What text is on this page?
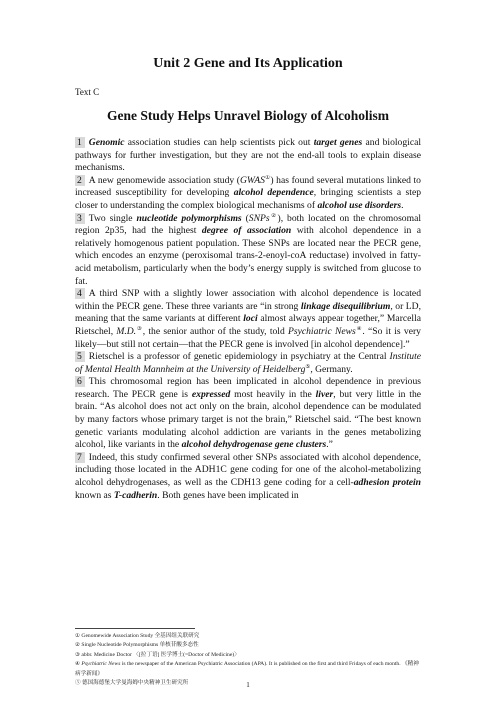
Unit 2 Gene and Its Application
Text C
Gene Study Helps Unravel Biology of Alcoholism

1 Genomic association studies can help scientists pick out target genes and biological pathways for further investigation, but they are not the end-all tools to explain disease mechanisms.

2 A new genomewide association study (GWAS①) has found several mutations linked to increased susceptibility for developing alcohol dependence, bringing scientists a step closer to understanding the complex biological mechanisms of alcohol use disorders.

3 Two single nucleotide polymorphisms (SNPs②), both located on the chromosomal region 2p35, had the highest degree of association with alcohol dependence in a relatively homogenous patient population. These SNPs are located near the PECR gene, which encodes an enzyme (peroxisomal trans-2-enoyl-coA reductase) involved in fatty-acid metabolism, particularly when the body’s energy supply is switched from glucose to fat.

4 A third SNP with a slightly lower association with alcohol dependence is located within the PECR gene. These three variants are “in strong linkage disequilibrium, or LD, meaning that the same variants at different loci almost always appear together,” Marcella Rietschel, M.D.③, the senior author of the study, told Psychiatric News④. “So it is very likely—but still not certain—that the PECR gene is involved [in alcohol dependence].”

5 Rietschel is a professor of genetic epidemiology in psychiatry at the Central Institute of Mental Health Mannheim at the University of Heidelberg⑤, Germany.

6 This chromosomal region has been implicated in alcohol dependence in previous research. The PECR gene is expressed most heavily in the liver, but very little in the brain. “As alcohol does not act only on the brain, alcohol dependence can be modulated by many factors whose primary target is not the brain,” Rietschel said. “The best known genetic variants modulating alcohol addiction are variants in the genes metabolizing alcohol, like variants in the alcohol dehydrogenase gene clusters.”

7 Indeed, this study confirmed several other SNPs associated with alcohol dependence, including those located in the ADH1C gene coding for one of the alcohol-metabolizing alcohol dehydrogenases, as well as the CDH13 gene coding for a cell-adhesion protein known as T-cadherin. Both genes have been implicated in

① Genomewide Association Study 全基因组关联研究
② Single Nucleotide Polymorphisms 单核苷酸多态性
③ abbr. Medicine Doctor 〈[拉丁语] 医学博士(=Doctor of Medicine)〉
④ Psychiatric News is the newspaper of the American Psychiatric Association (APA). It is published on the first and third Fridays of each month. 《精神病学新闻》
⑤ 德国海德堡大学曼海姆中央精神卫生研究所	1
